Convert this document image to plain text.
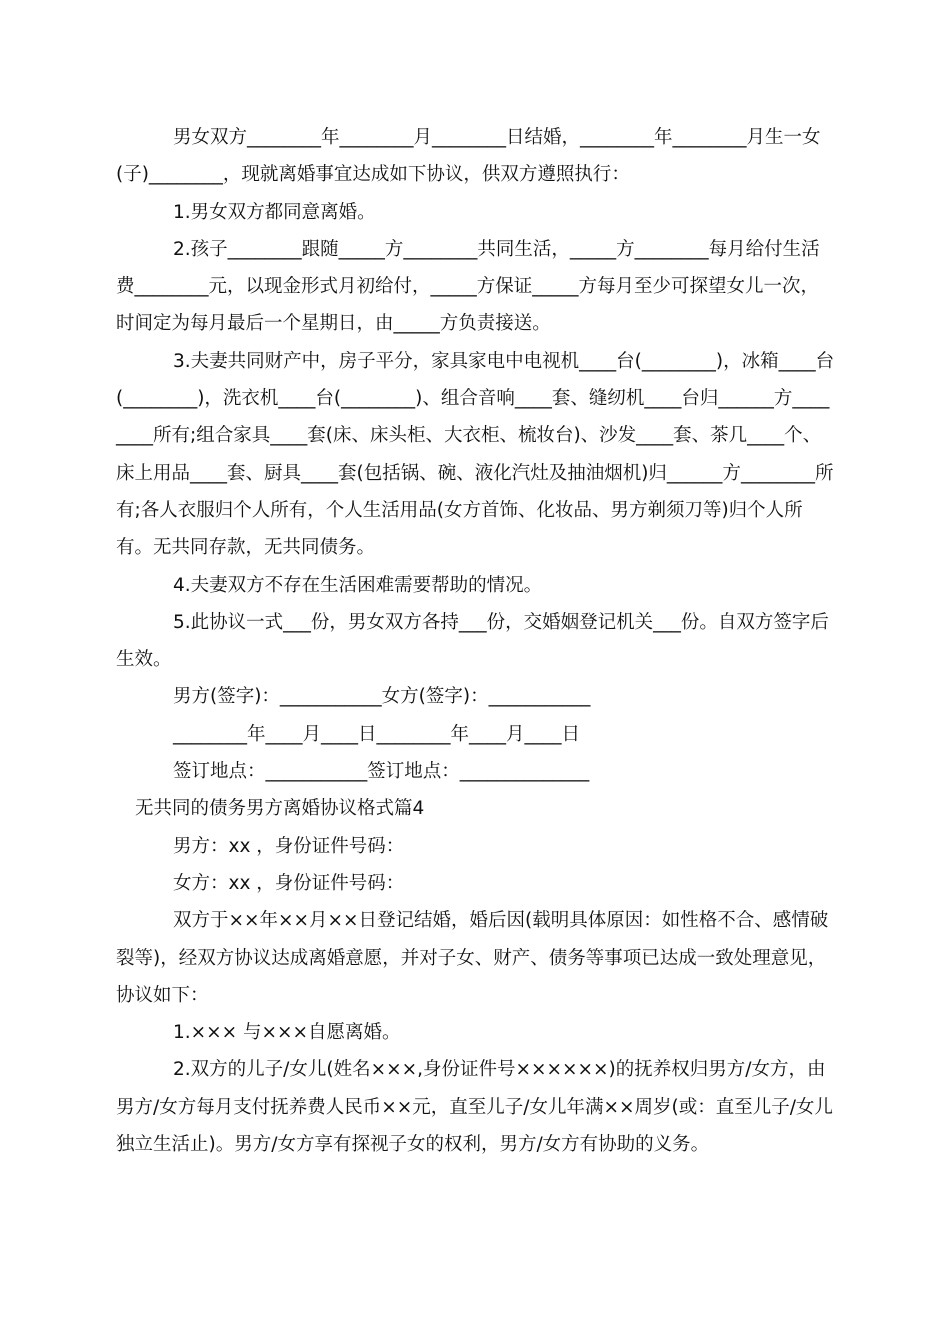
男女双方________年________月________日结婚，________年________月生一女(子)________，现就离婚事宜达成如下协议，供双方遵照执行：

1.男女双方都同意离婚。

2.孩子________跟随_____方________共同生活，_____方________每月给付生活费________元，以现金形式月初给付，_____方保证_____方每月至少可探望女儿一次，时间定为每月最后一个星期日，由_____方负责接送。

3.夫妻共同财产中，房子平分，家具家电中电视机____台(________)，冰箱____台(________)，洗衣机____台(________)、组合音响____套、缝纫机____台归______方________所有;组合家具____套(床、床头柜、大衣柜、梳妆台)、沙发____套、茶几____个、床上用品____套、厨具____套(包括锅、碗、液化汽灶及抽油烟机)归______方________所有;各人衣服归个人所有，个人生活用品(女方首饰、化妆品、男方剃须刀等)归个人所有。无共同存款，无共同债务。

4.夫妻双方不存在生活困难需要帮助的情况。

5.此协议一式___份，男女双方各持___份，交婚姻登记机关___份。自双方签字后生效。

男方(签字)：___________女方(签字)：___________

________年____月____日________年____月____日

签订地点：___________签订地点：______________

无共同的债务男方离婚协议格式篇4

男方：xx ，身份证件号码：

女方：xx ，身份证件号码：

双方于××年××月××日登记结婚，婚后因(载明具体原因：如性格不合、感情破裂等)，经双方协议达成离婚意愿，并对子女、财产、债务等事项已达成一致处理意见，协议如下：

1.××× 与×××自愿离婚。

2.双方的儿子/女儿(姓名×××,身份证件号××××××)的抚养权归男方/女方，由男方/女方每月支付抚养费人民币××元，直至儿子/女儿年满××周岁(或：直至儿子/女儿独立生活止)。男方/女方享有探视子女的权利，男方/女方有协助的义务。
